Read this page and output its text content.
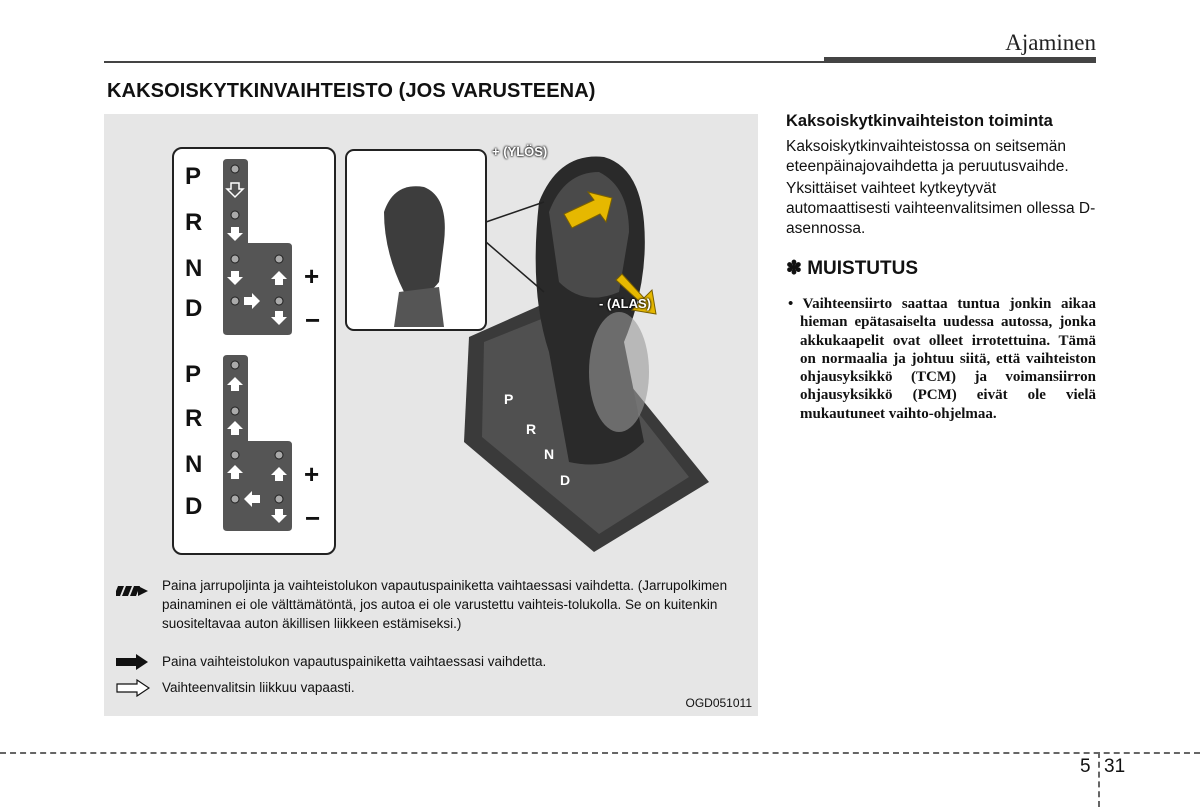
Ajaminen
KAKSOISKYTKINVAIHTEISTO (JOS VARUSTEENA)
P
R
N
D
+
−
P
R
N
D
+
−
P
R
N
D
+ (YLÖS)
- (ALAS)
Paina jarrupoljinta ja vaihteistolukon vapautuspainiketta vaihtaessasi vaihdetta. (Jarrupolkimen painaminen ei ole välttämätöntä, jos autoa ei ole varustettu vaihteis-tolukolla. Se on kuitenkin suositeltavaa auton äkillisen liikkeen estämiseksi.)
Paina vaihteistolukon vapautuspainiketta vaihtaessasi vaihdetta.
Vaihteenvalitsin liikkuu vapaasti.
OGD051011

Kaksoiskytkinvaihteiston toiminta

Kaksoiskytkinvaihteistossa on seitsemän eteenpäinajovaihdetta ja peruutusvaihde.

Yksittäiset vaihteet kytkeytyvät automaattisesti vaihteenvalitsimen ollessa D-asennossa.

✽ MUISTUTUS

• Vaihteensiirto saattaa tuntua jonkin aikaa hieman epätasaiselta uudessa autossa, jonka akkukaapelit ovat olleet irrotettuina. Tämä on normaalia ja johtuu siitä, että vaihteiston ohjausyksikkö (TCM) ja voimansiirron ohjausyksikkö (PCM) eivät ole vielä mukautuneet vaihto-ohjelmaa.

5 31
